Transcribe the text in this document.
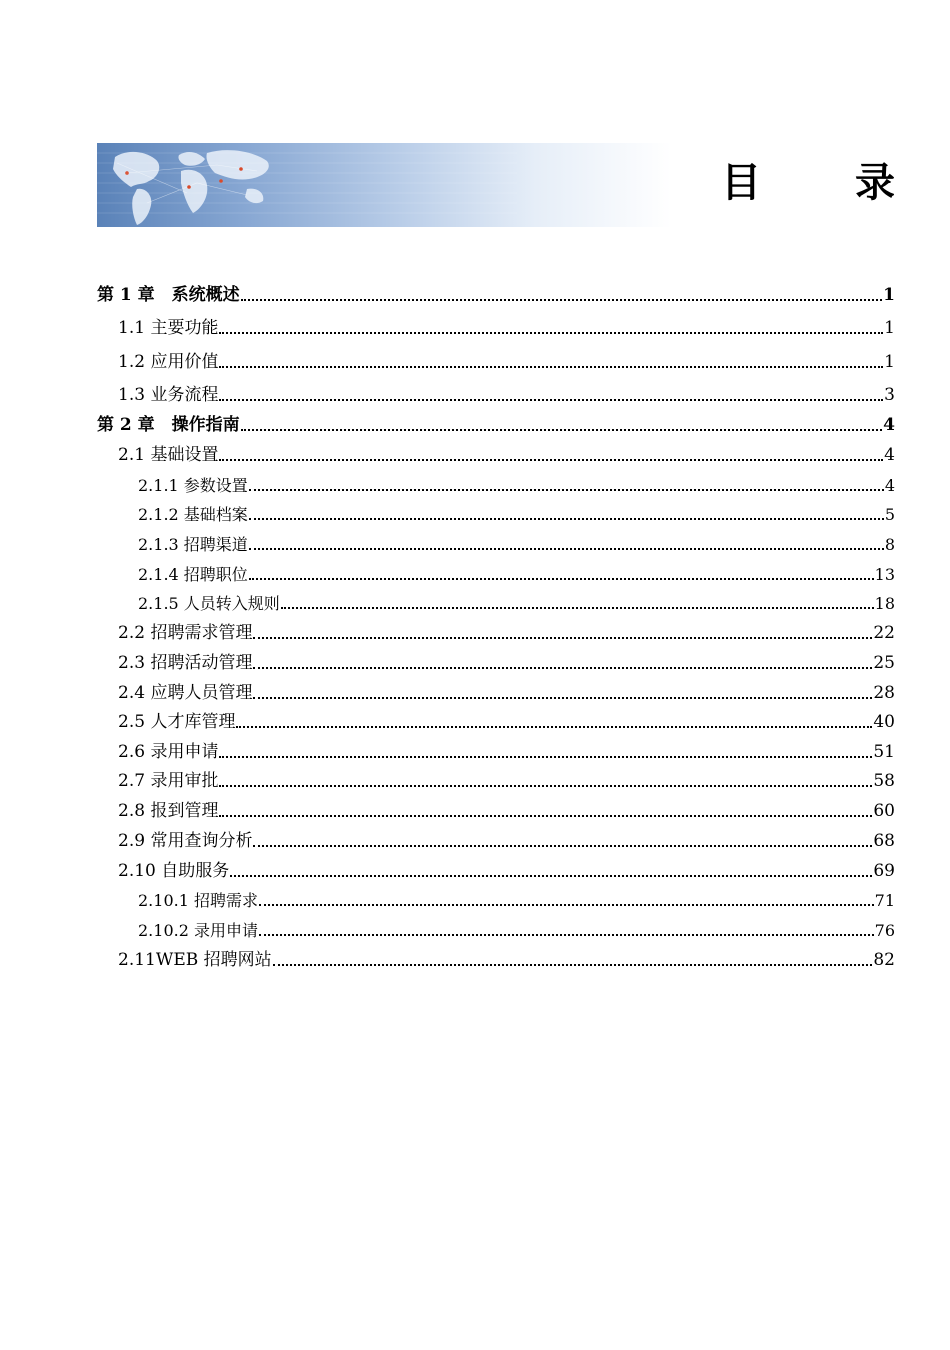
目 录
第 1 章　系统概述	1
1.1 主要功能	1
1.2 应用价值	1
1.3 业务流程	3
第 2 章　操作指南	4
2.1 基础设置	4
2.1.1 参数设置	4
2.1.2 基础档案	5
2.1.3 招聘渠道	8
2.1.4 招聘职位	13
2.1.5 人员转入规则	18
2.2 招聘需求管理	22
2.3 招聘活动管理	25
2.4 应聘人员管理	28
2.5 人才库管理	40
2.6 录用申请	51
2.7 录用审批	58
2.8 报到管理	60
2.9 常用查询分析	68
2.10 自助服务	69
2.10.1 招聘需求	71
2.10.2 录用申请	76
2.11WEB 招聘网站	82
